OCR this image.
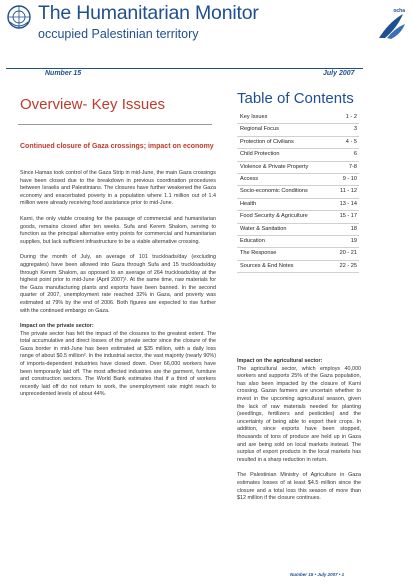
The Humanitarian Monitor
occupied Palestinian territory
ocha
Number 15	July 2007
Overview- Key Issues
Continued closure of Gaza crossings; impact on economy

Since Hamas took control of the Gaza Strip in mid-June, the main Gaza crossings have been closed due to the breakdown in previous coordination procedures between Israelis and Palestinians. The closures have further weakened the Gaza economy and exacerbated poverty in a population where 1.1 million out of 1.4 million were already receiving food assistance prior to mid-June.

Karni, the only viable crossing for the passage of commercial and humanitarian goods, remains closed after ten weeks. Sufa and Kerem Shalom, serving to function as the principal alternative entry points for commercial and humanitarian supplies, but lack sufficient infrastructure to be a viable alternative crossing.

During the month of July, an average of 101 truckloads/day (excluding aggregates) have been allowed into Gaza through Sufa and 15 truckloads/day through Kerem Shalom, as opposed to an average of 264 truckloads/day at the highest point prior to mid-June (April 2007)¹. At the same time, raw materials for the Gaza manufacturing plants and exports have been banned. In the second quarter of 2007, unemployment rate reached 32% in Gaza, and poverty was estimated at 79% by the end of 2006. Both figures are expected to rise further with the continued embargo on Gaza.

Impact on the private sector:

The private sector has felt the impact of the closures to the greatest extent. The total accumulative and direct losses of the private sector since the closure of the Gaza border in mid-June has been estimated at $35 million, with a daily loss range of about $0.5 million². In the industrial sector, the vast majority (nearly 90%) of imports-dependent industries have closed down. Over 66,000 workers have been temporarily laid off. The most affected industries are the garment, furniture and construction sectors. The World Bank estimates that if a third of workers recently laid off do not return to work, the unemployment rate might reach to unprecedented levels of about 44%.

Table of Contents
Key Issues	1 - 2
Regional Focus	3
Protection of Civilians	4 - 5
Child Protection	6
Violence & Private Property	7-8
Access	9 - 10
Socio-economic Conditions	11 - 12
Health	13 - 14
Food Security & Agriculture	15 - 17
Water & Sanitation	18
Education	19
The Response	20 - 21
Sources & End Notes	22 - 25
Impact on the agricultural sector:

The agricultural sector, which employs 40,000 workers and supports 25% of the Gaza population, has also been impacted by the closure of Karni crossing. Gazan farmers are uncertain whether to invest in the upcoming agricultural season, given the lack of raw materials needed for planting (seedlings, fertilizers and pesticides) and the uncertainty of being able to export their crops. In addition, since exports have been stopped, thousands of tons of produce are held up in Gaza and are being sold on local markets instead. The surplus of export products in the local markets has resulted in a sharp reduction in return.

The Palestinian Ministry of Agriculture in Gaza estimates losses of at least $4.5 million since the closure and a total loss this season of more than $12 million if the closure continues.

Number 15 • July 2007 • 1
